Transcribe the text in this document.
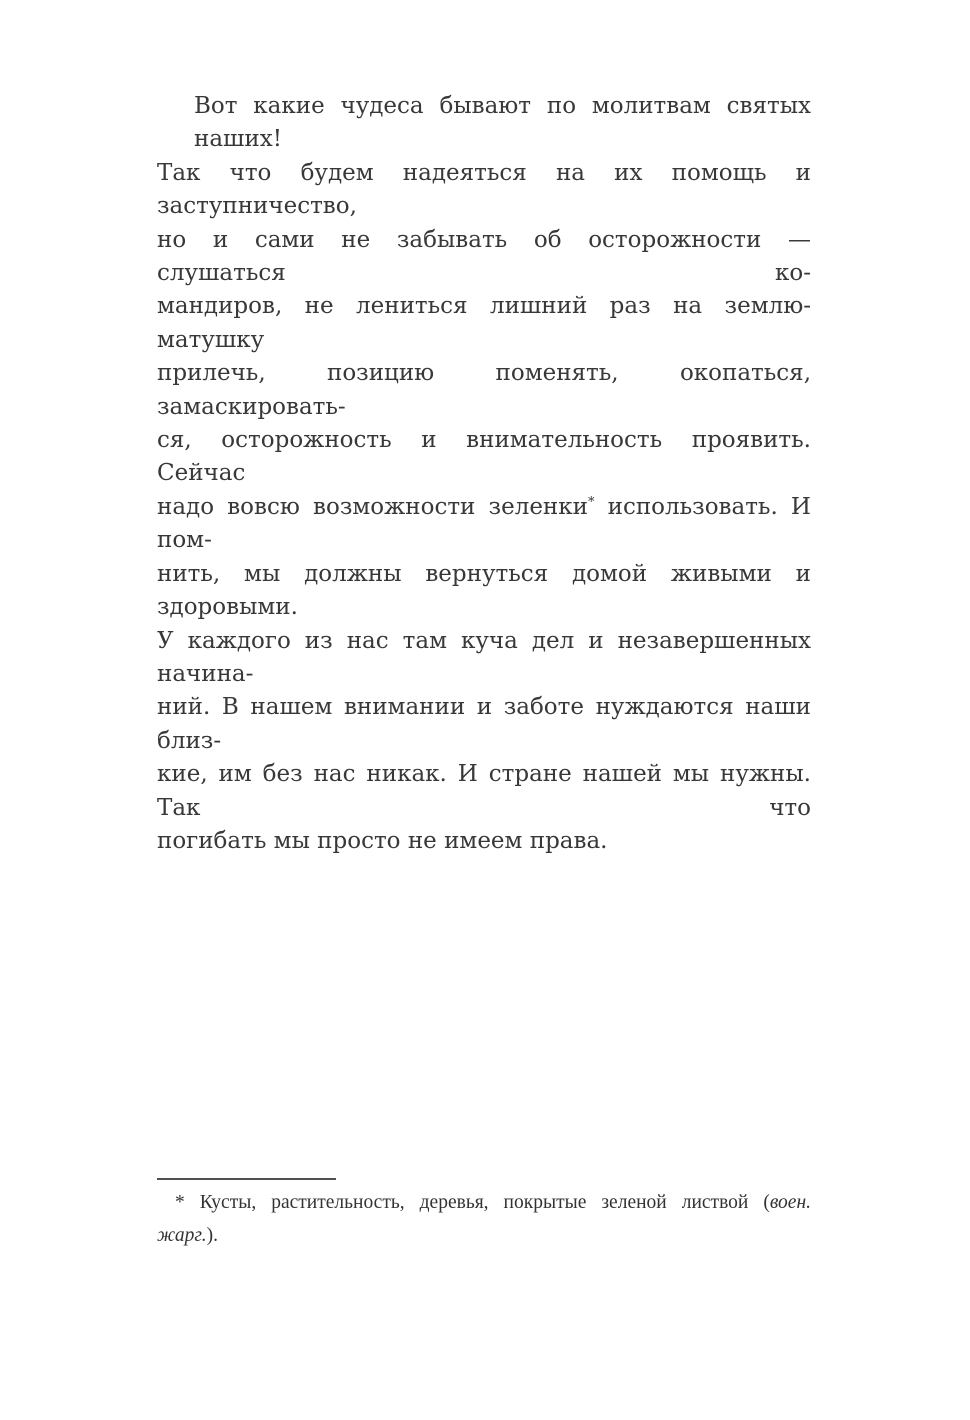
Вот какие чудеса бывают по молитвам святых наших!
Так что будем надеяться на их помощь и заступничество,
но и сами не забывать об осторожности — слушаться ко-
мандиров, не лениться лишний раз на землю-матушку
прилечь, позицию поменять, окопаться, замаскировать-
ся, осторожность и внимательность проявить. Сейчас
надо вовсю возможности зеленки* использовать. И пом-
нить, мы должны вернуться домой живыми и здоровыми.
У каждого из нас там куча дел и незавершенных начина-
ний. В нашем внимании и заботе нуждаются наши близ-
кие, им без нас никак. И стране нашей мы нужны. Так что
погибать мы просто не имеем права.
* Кусты, растительность, деревья, покрытые зеленой листвой (воен.
жарг.).
